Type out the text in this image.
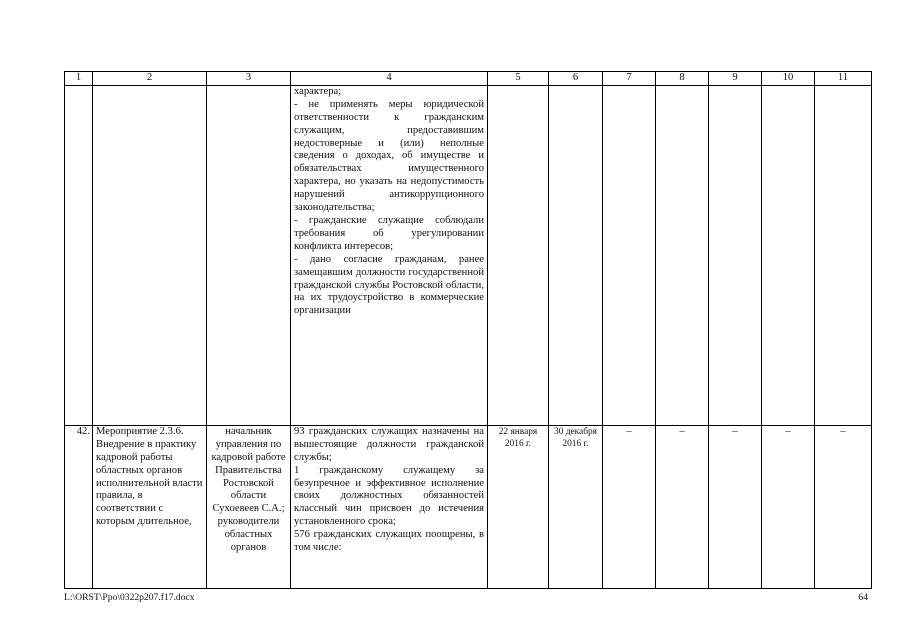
1	2	3	4	5	6	7	8	9	10	11

			характера;
- не применять меры юридической ответственности к гражданским служащим, предоставившим недостоверные и (или) неполные сведения о доходах, об имуществе и обязательствах имущественного характера, но указать на недопустимость нарушений антикоррупционного законодательства;
- гражданские служащие соблюдали требования об урегулировании конфликта интересов;
- дано согласие гражданам, ранее замещавшим должности государственной гражданской службы Ростовской области, на их трудоустройство в коммерческие организации							

42.	Мероприятие 2.3.6.
Внедрение в практику кадровой работы областных органов исполнительной власти правила, в соответствии с которым длительное,	начальник управления по кадровой работе Правительства Ростовской области Сухоевеев С.А.; руководители областных органов	93 гражданских служащих назначены на вышестоящие должности гражданской службы;
1 гражданскому служащему за безупречное и эффективное исполнение своих должностных обязанностей классный чин присвоен до истечения установленного срока;
576 гражданских служащих поощрены, в том числе:	22 января 2016 г.	30 декабря 2016 г.	–	–	–	–	–
L:\ORST\Ppo\0322p207.f17.docx	64
